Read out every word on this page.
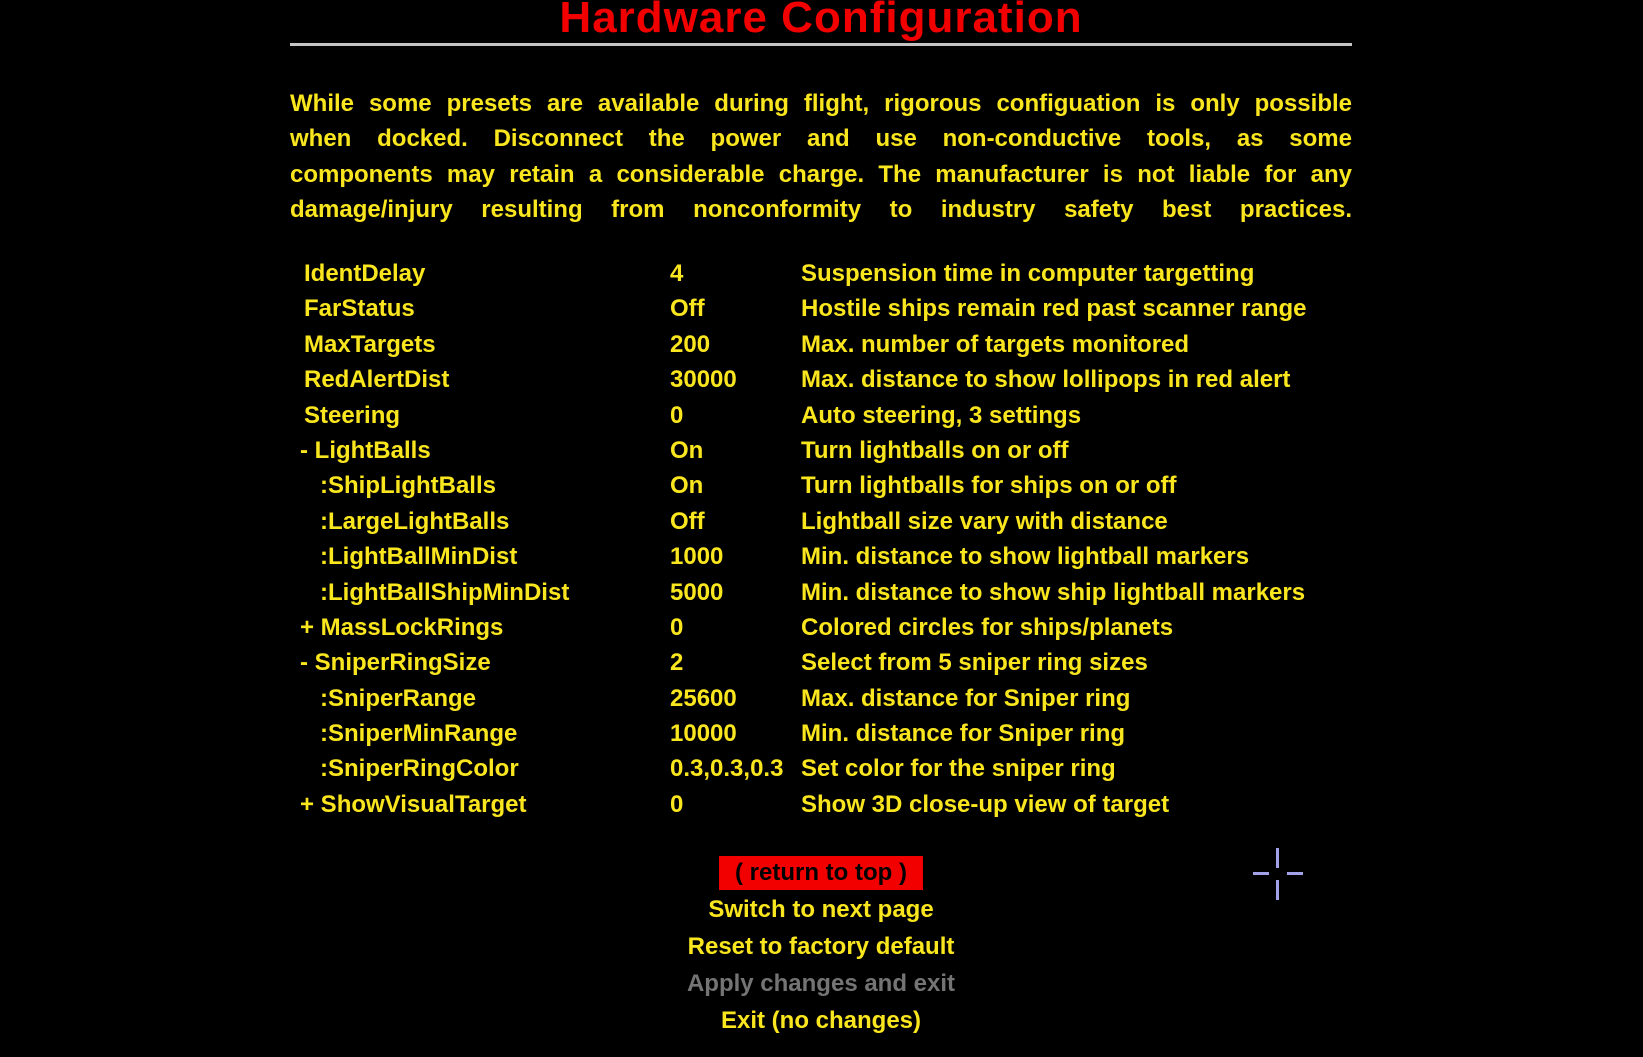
Hardware Configuration
While some presets are available during flight, rigorous configuation is only possible
when docked. Disconnect the power and use non-conductive tools, as some
components may retain a considerable charge. The manufacturer is not liable for any
damage/injury resulting from nonconformity to industry safety best practices.
IdentDelay	4	Suspension time in computer targetting
FarStatus	Off	Hostile ships remain red past scanner range
MaxTargets	200	Max. number of targets monitored
RedAlertDist	30000	Max. distance to show lollipops in red alert
Steering	0	Auto steering, 3 settings
- LightBalls	On	Turn lightballs on or off
:ShipLightBalls	On	Turn lightballs for ships on or off
:LargeLightBalls	Off	Lightball size vary with distance
:LightBallMinDist	1000	Min. distance to show lightball markers
:LightBallShipMinDist	5000	Min. distance to show ship lightball markers
+ MassLockRings	0	Colored circles for ships/planets
- SniperRingSize	2	Select from 5 sniper ring sizes
:SniperRange	25600	Max. distance for Sniper ring
:SniperMinRange	10000	Min. distance for Sniper ring
:SniperRingColor	0.3,0.3,0.3 Set color for the sniper ring
+ ShowVisualTarget	0	Show 3D close-up view of target
( return to top )
Switch to next page
Reset to factory default
Apply changes and exit
Exit (no changes)
